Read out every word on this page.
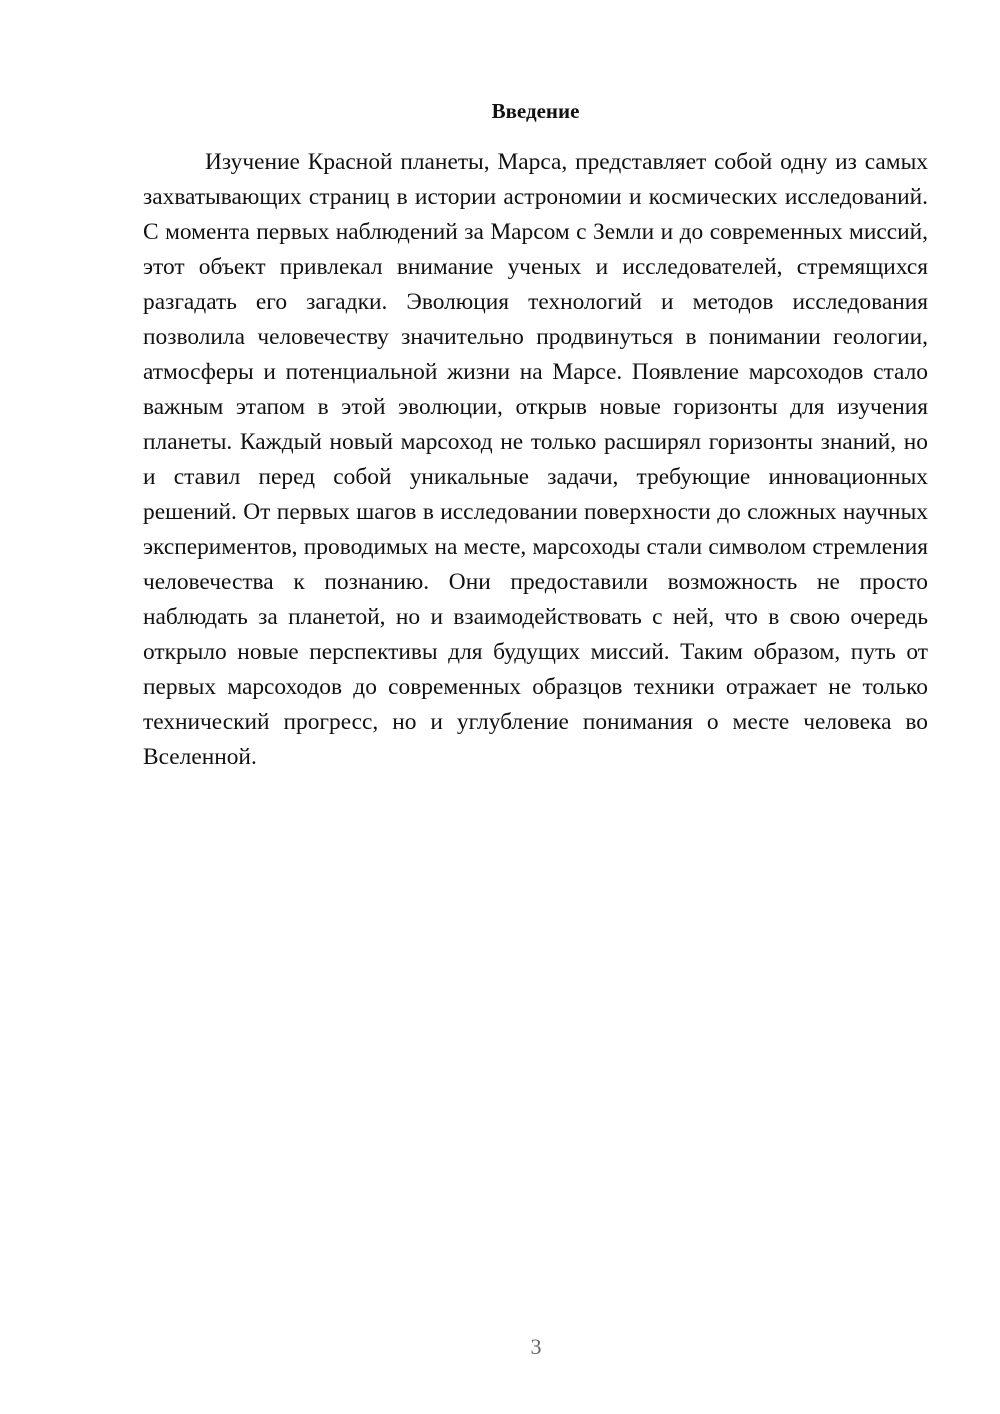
Введение

Изучение Красной планеты, Марса, представляет собой одну из самых захватывающих страниц в истории астрономии и космических исследований. С момента первых наблюдений за Марсом с Земли и до современных миссий, этот объект привлекал внимание ученых и исследователей, стремящихся разгадать его загадки. Эволюция технологий и методов исследования позволила человечеству значительно продвинуться в понимании геологии, атмосферы и потенциальной жизни на Марсе. Появление марсоходов стало важным этапом в этой эволюции, открыв новые горизонты для изучения планеты. Каждый новый марсоход не только расширял горизонты знаний, но и ставил перед собой уникальные задачи, требующие инновационных решений. От первых шагов в исследовании поверхности до сложных научных экспериментов, проводимых на месте, марсоходы стали символом стремления человечества к познанию. Они предоставили возможность не просто наблюдать за планетой, но и взаимодействовать с ней, что в свою очередь открыло новые перспективы для будущих миссий. Таким образом, путь от первых марсоходов до современных образцов техники отражает не только технический прогресс, но и углубление понимания о месте человека во Вселенной.

3
